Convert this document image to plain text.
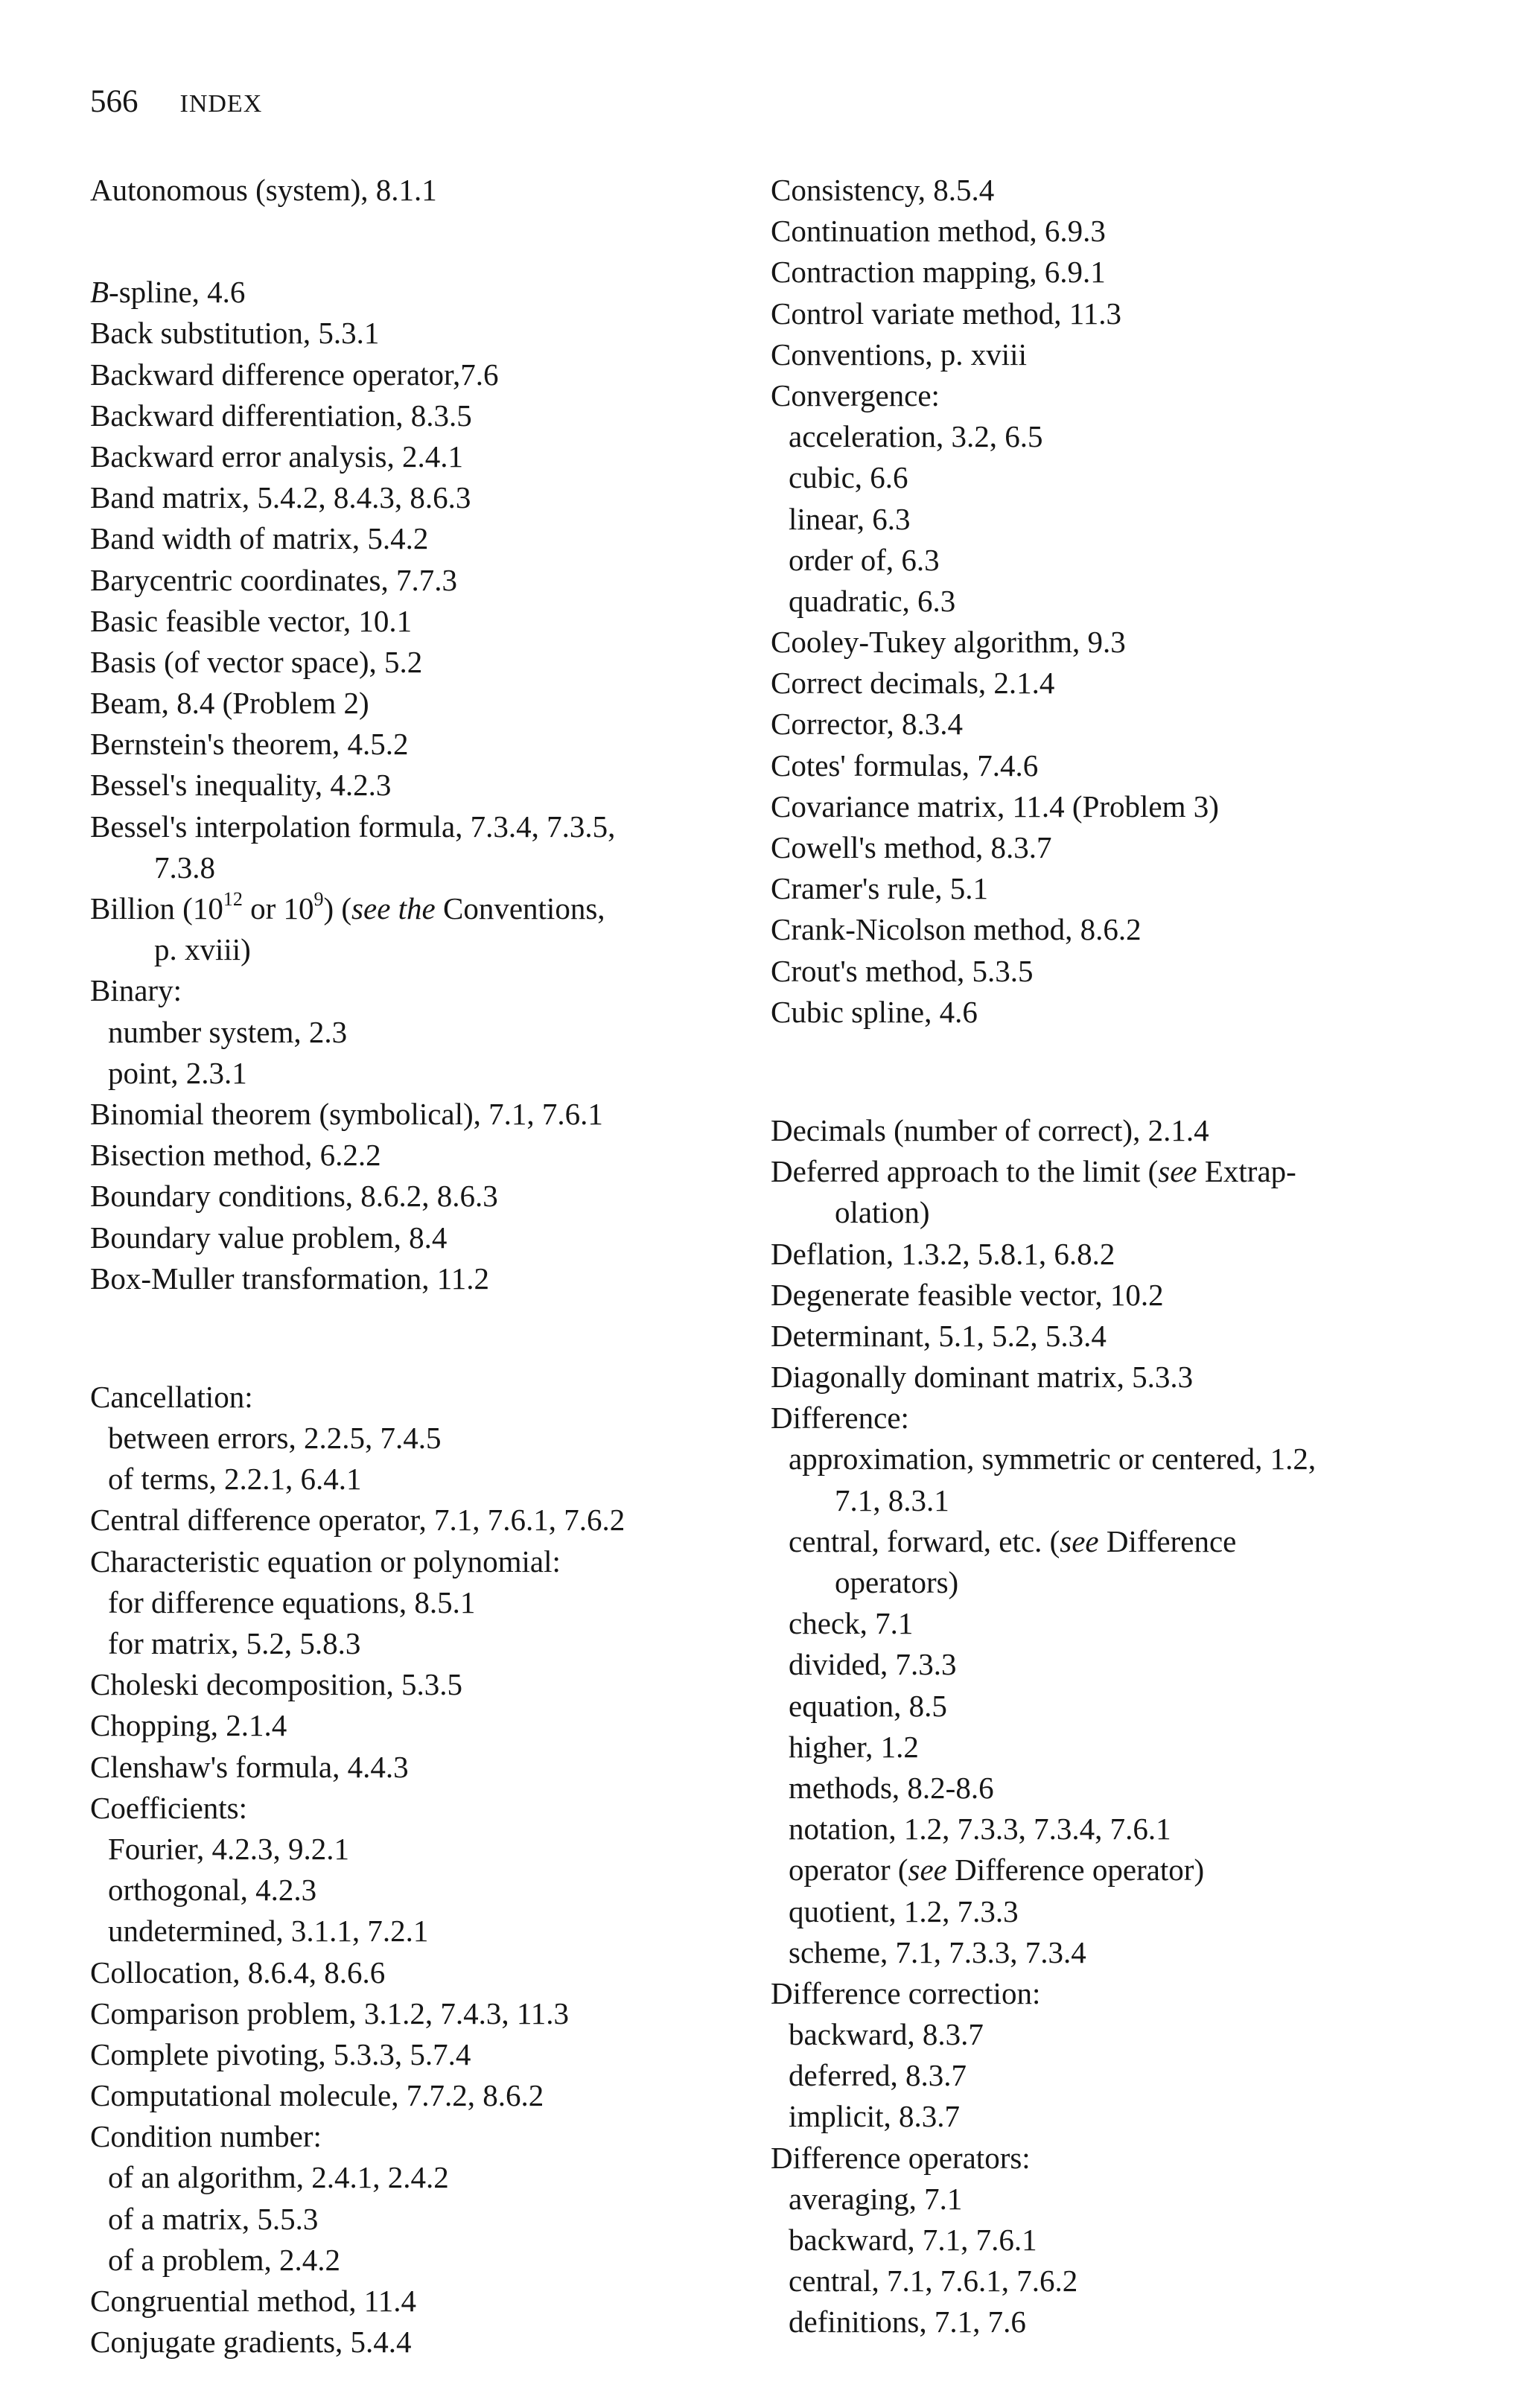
566 INDEX
Autonomous (system), 8.1.1
B-spline, 4.6
Back substitution, 5.3.1
Backward difference operator,7.6
Backward differentiation, 8.3.5
Backward error analysis, 2.4.1
Band matrix, 5.4.2, 8.4.3, 8.6.3
Band width of matrix, 5.4.2
Barycentric coordinates, 7.7.3
Basic feasible vector, 10.1
Basis (of vector space), 5.2
Beam, 8.4 (Problem 2)
Bernstein's theorem, 4.5.2
Bessel's inequality, 4.2.3
Bessel's interpolation formula, 7.3.4, 7.3.5,
7.3.8
Billion ($10^{12}$ or $10^9$) (see the Conventions,
p. xviii)
Binary:
number system, 2.3
point, 2.3.1
Binomial theorem (symbolical), 7.1, 7.6.1
Bisection method, 6.2.2
Boundary conditions, 8.6.2, 8.6.3
Boundary value problem, 8.4
Box-Muller transformation, 11.2
Cancellation:
between errors, 2.2.5, 7.4.5
of terms, 2.2.1, 6.4.1
Central difference operator, 7.1, 7.6.1, 7.6.2
Characteristic equation or polynomial:
for difference equations, 8.5.1
for matrix, 5.2, 5.8.3
Choleski decomposition, 5.3.5
Chopping, 2.1.4
Clenshaw's formula, 4.4.3
Coefficients:
Fourier, 4.2.3, 9.2.1
orthogonal, 4.2.3
undetermined, 3.1.1, 7.2.1
Collocation, 8.6.4, 8.6.6
Comparison problem, 3.1.2, 7.4.3, 11.3
Complete pivoting, 5.3.3, 5.7.4
Computational molecule, 7.7.2, 8.6.2
Condition number:
of an algorithm, 2.4.1, 2.4.2
of a matrix, 5.5.3
of a problem, 2.4.2
Congruential method, 11.4
Conjugate gradients, 5.4.4
Consistency, 8.5.4
Continuation method, 6.9.3
Contraction mapping, 6.9.1
Control variate method, 11.3
Conventions, p. xviii
Convergence:
acceleration, 3.2, 6.5
cubic, 6.6
linear, 6.3
order of, 6.3
quadratic, 6.3
Cooley-Tukey algorithm, 9.3
Correct decimals, 2.1.4
Corrector, 8.3.4
Cotes' formulas, 7.4.6
Covariance matrix, 11.4 (Problem 3)
Cowell's method, 8.3.7
Cramer's rule, 5.1
Crank-Nicolson method, 8.6.2
Crout's method, 5.3.5
Cubic spline, 4.6
Decimals (number of correct), 2.1.4
Deferred approach to the limit (see Extrap-
olation)
Deflation, 1.3.2, 5.8.1, 6.8.2
Degenerate feasible vector, 10.2
Determinant, 5.1, 5.2, 5.3.4
Diagonally dominant matrix, 5.3.3
Difference:
approximation, symmetric or centered, 1.2,
7.1, 8.3.1
central, forward, etc. (see Difference
operators)
check, 7.1
divided, 7.3.3
equation, 8.5
higher, 1.2
methods, 8.2-8.6
notation, 1.2, 7.3.3, 7.3.4, 7.6.1
operator (see Difference operator)
quotient, 1.2, 7.3.3
scheme, 7.1, 7.3.3, 7.3.4
Difference correction:
backward, 8.3.7
deferred, 8.3.7
implicit, 8.3.7
Difference operators:
averaging, 7.1
backward, 7.1, 7.6.1
central, 7.1, 7.6.1, 7.6.2
definitions, 7.1, 7.6
